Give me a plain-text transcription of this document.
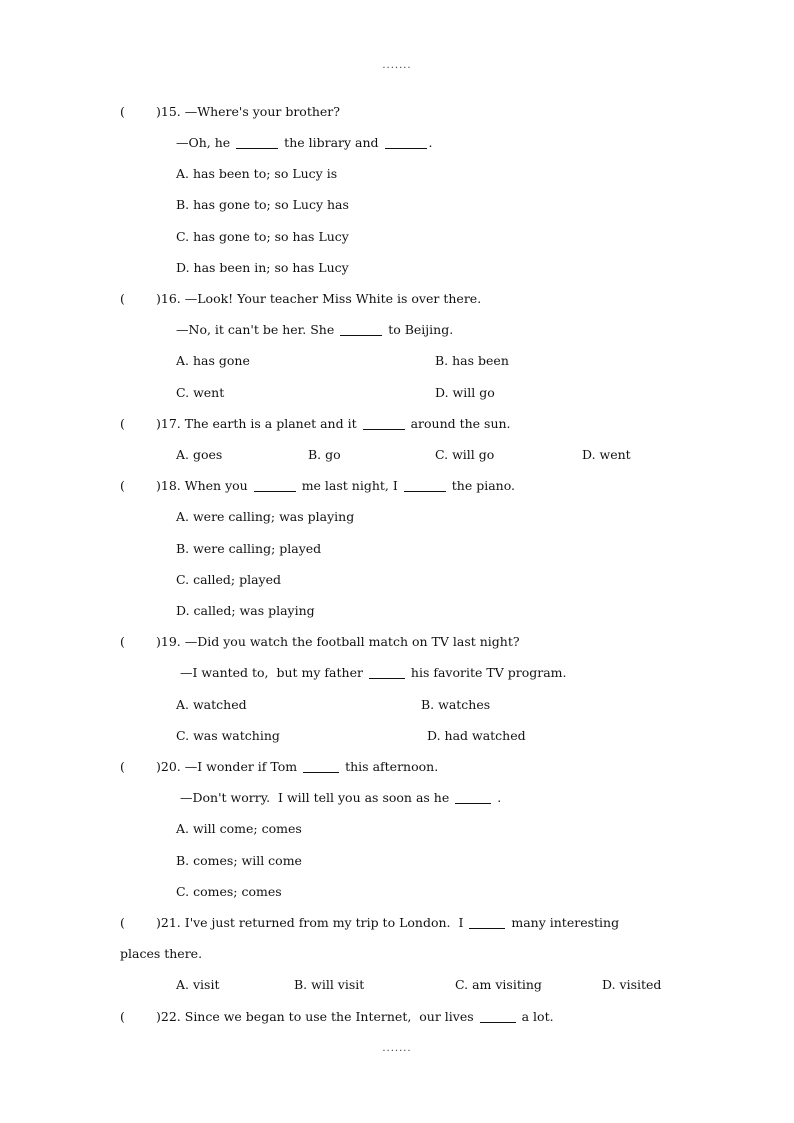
.......
( )15. —Where's your brother?
—Oh, he	the library and	.
A. has been to; so Lucy is
B. has gone to; so Lucy has
C. has gone to; so has Lucy
D. has been in; so has Lucy
( )16. —Look! Your teacher Miss White is over there.
—No, it can't be her. She	to Beijing.
A. has gone	B. has been
C. went	D. will go
( )17. The earth is a planet and it	around the sun.
A. goes	B. go	C. will go	D. went
( )18. When you	me last night, I	the piano.
A. were calling; was playing
B. were calling; played
C. called; played
D. called; was playing
( )19. —Did you watch the football match on TV last night?
—I wanted to,  but my father	his favorite TV program.
A. watched	B. watches
C. was watching	D. had watched
( )20. —I wonder if Tom	this afternoon.
—Don't worry.  I will tell you as soon as he	.
A. will come; comes
B. comes; will come
C. comes; comes
( )21. I've just returned from my trip to London.  I	many interesting
places there.
A. visit	B. will visit	C. am visiting	D. visited
( )22. Since we began to use the Internet,  our lives	a lot.
.......
